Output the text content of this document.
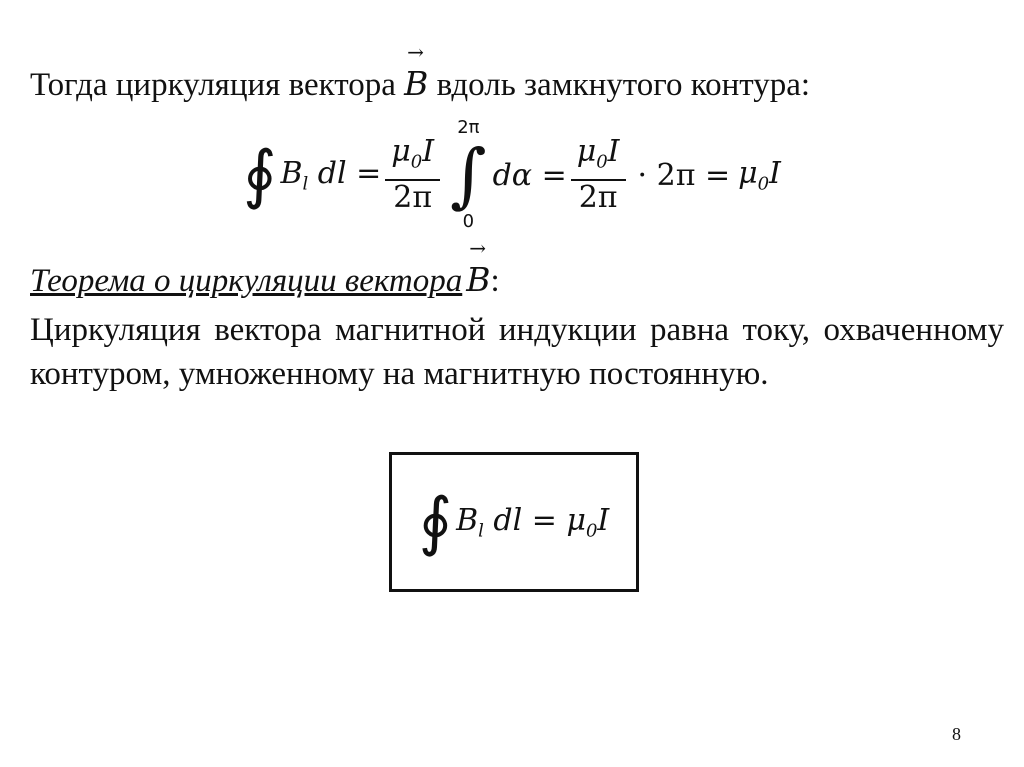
Тогда циркуляция вектора → B вдоль замкнутого контура:
∮ $B_l$ dl = $\frac{\mu_0I}{2\pi}$
2π
∫
0
$d\alpha = \frac{\mu_0I}{2\pi} \cdot 2\pi = \mu_0I$
Теорема о циркуляции вектора → B:
Циркуляция вектора магнитной индукции равна току, охваченному контуром, умноженному на магнитную постоянную.
∮ $B_l$ dl = $\mu_0I$
8
